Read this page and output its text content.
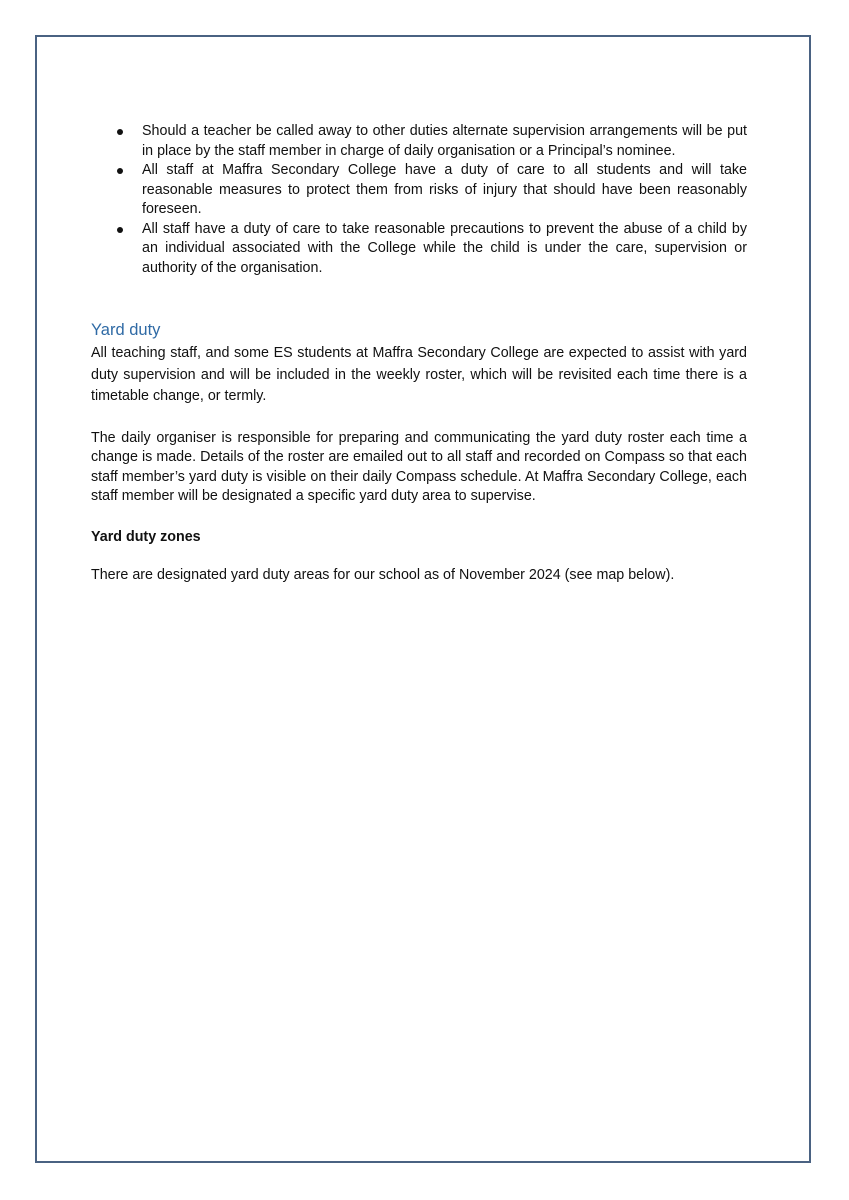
Should a teacher be called away to other duties alternate supervision arrangements will be put in place by the staff member in charge of daily organisation or a Principal’s nominee.
All staff at Maffra Secondary College have a duty of care to all students and will take reasonable measures to protect them from risks of injury that should have been reasonably foreseen.
All staff have a duty of care to take reasonable precautions to prevent the abuse of a child by an individual associated with the College while the child is under the care, supervision or authority of the organisation.
Yard duty

All teaching staff, and some ES students at Maffra Secondary College are expected to assist with yard duty supervision and will be included in the weekly roster, which will be revisited each time there is a timetable change, or termly.

The daily organiser is responsible for preparing and communicating the yard duty roster each time a change is made. Details of the roster are emailed out to all staff and recorded on Compass so that each staff member’s yard duty is visible on their daily Compass schedule. At Maffra Secondary College, each staff member will be designated a specific yard duty area to supervise.

Yard duty zones

There are designated yard duty areas for our school as of November 2024 (see map below).
